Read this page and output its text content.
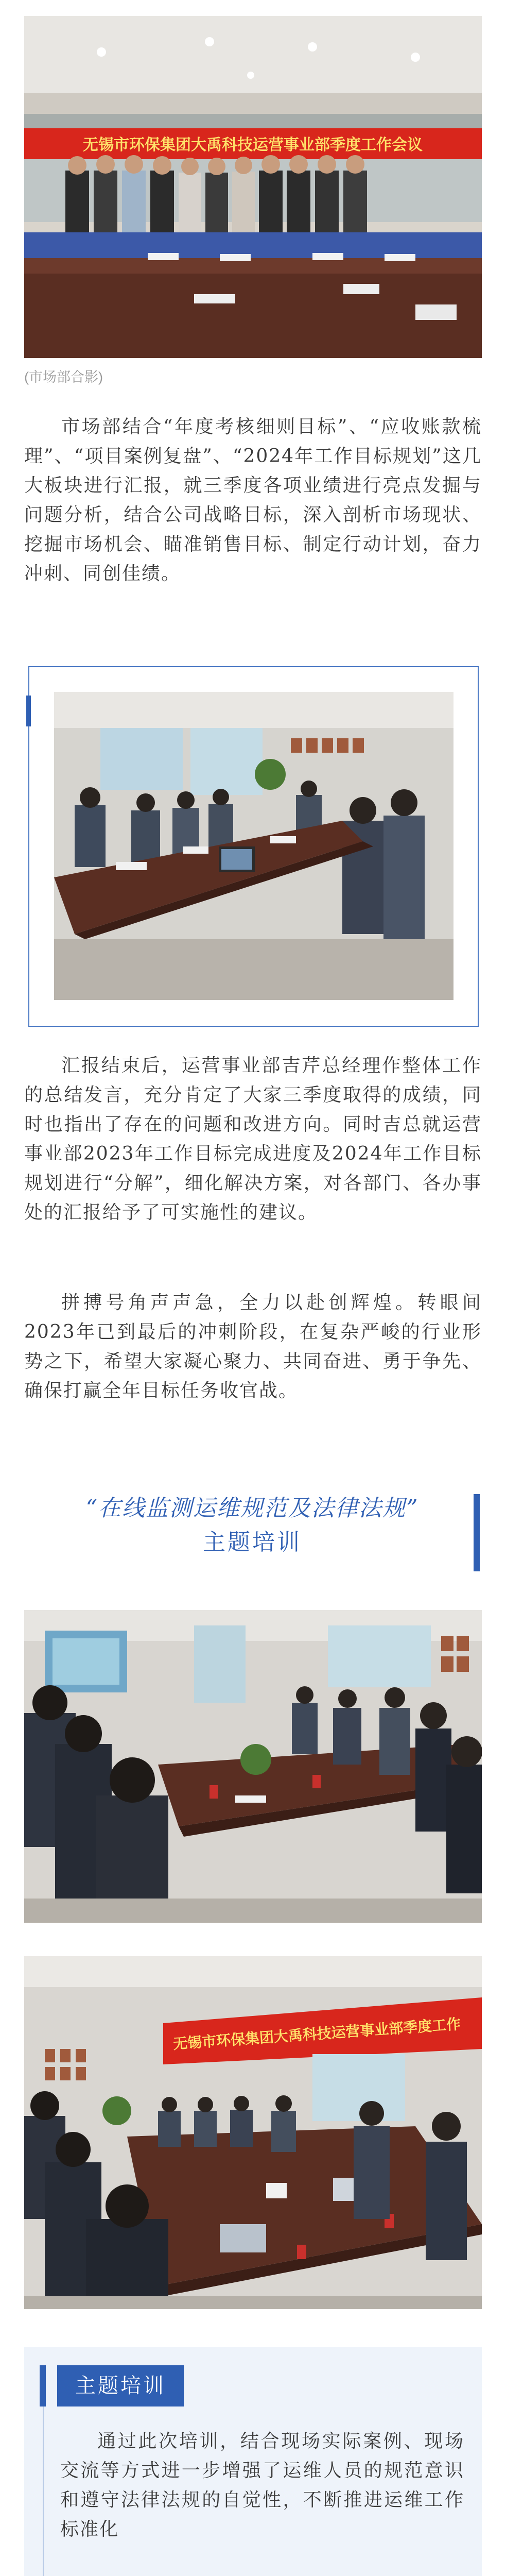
无锡市环保集团大禹科技运营事业部季度工作会议
(市场部合影)

市场部结合“年度考核细则目标”、“应收账款梳理”、“项目案例复盘”、“2024年工作目标规划”这几大板块进行汇报，就三季度各项业绩进行亮点发掘与问题分析，结合公司战略目标，深入剖析市场现状、挖掘市场机会、瞄准销售目标、制定行动计划，奋力冲刺、同创佳绩。

汇报结束后，运营事业部吉芹总经理作整体工作的总结发言，充分肯定了大家三季度取得的成绩，同时也指出了存在的问题和改进方向。同时吉总就运营事业部2023年工作目标完成进度及2024年工作目标规划进行“分解”，细化解决方案，对各部门、各办事处的汇报给予了可实施性的建议。

拼搏号角声声急，全力以赴创辉煌。转眼间2023年已到最后的冲刺阶段，在复杂严峻的行业形势之下，希望大家凝心聚力、共同奋进、勇于争先、确保打赢全年目标任务收官战。

“在线监测运维规范及法律法规”
主题培训
无锡市环保集团大禹科技运营事业部季度工作
主题培训

通过此次培训，结合现场实际案例、现场交流等方式进一步增强了运维人员的规范意识和遵守法律法规的自觉性，不断推进运维工作标准化
